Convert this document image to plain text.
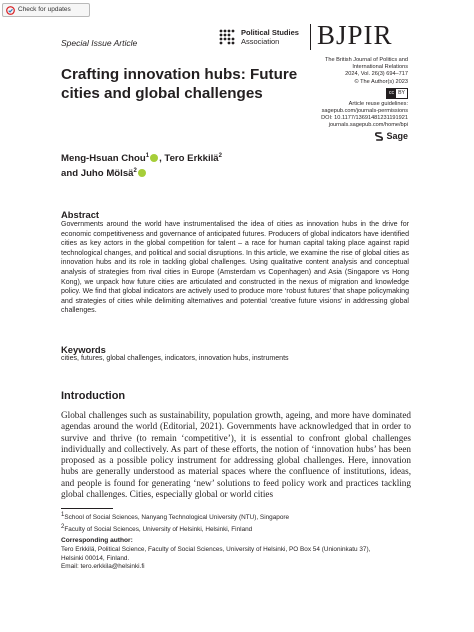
Check for updates
Special Issue Article
Political Studies
Association BJPIR
The British Journal of Politics and
International Relations
2024, Vol. 26(3) 694–717
© The Author(s) 2023
cc BY
Article reuse guidelines:
sagepub.com/journals-permissions
DOI: 10.1177/13691481231191921
journals.sagepub.com/home/bpi
Sage
Crafting innovation hubs: Future cities and global challenges
Meng-Hsuan Chou$^1$ , Tero Erkkilä$^2$
and Juho Mölsä$^2$
Abstract
Governments around the world have instrumentalised the idea of cities as innovation hubs in the drive for economic competitiveness and governance of anticipated futures. Producers of global indicators have identified cities as key actors in the global competition for talent – a race for human capital taking place against rapid technological changes, and political and social disruptions. In this article, we examine the rise of global cities as innovation hubs and its role in tackling global challenges. Using qualitative content analysis and conceptual analysis of strategies from rival cities in Europe (Amsterdam vs Copenhagen) and Asia (Singapore vs Hong Kong), we unpack how future cities are articulated and constructed in the nexus of migration and knowledge policy. We find that global indicators are actively used to produce more ‘robust futures’ that shape policymaking and strategies of cities while delimiting alternatives and potential ‘creative future visions’ in addressing global challenges.
Keywords
cities, futures, global challenges, indicators, innovation hubs, instruments
Introduction
Global challenges such as sustainability, population growth, ageing, and more have dominated agendas around the world (Editorial, 2021). Governments have acknowledged that in order to survive and thrive (to remain ‘competitive’), it is essential to confront global challenges individually and collectively. As part of these efforts, the notion of ‘innovation hubs’ has been proposed as a possible policy instrument for addressing global challenges. Here, innovation hubs are generally understood as material spaces where the confluence of institutions, ideas, and people is found for generating ‘new’ solutions to feed policy work and practices tackling global challenges. Cities, especially global or world cities
$^1$School of Social Sciences, Nanyang Technological University (NTU), Singapore
$^2$Faculty of Social Sciences, University of Helsinki, Helsinki, Finland
Corresponding author:
Tero Erkkilä, Political Science, Faculty of Social Sciences, University of Helsinki, PO Box 54 (Unioninkatu 37),
Helsinki 00014, Finland.
Email: tero.erkkila@helsinki.fi
